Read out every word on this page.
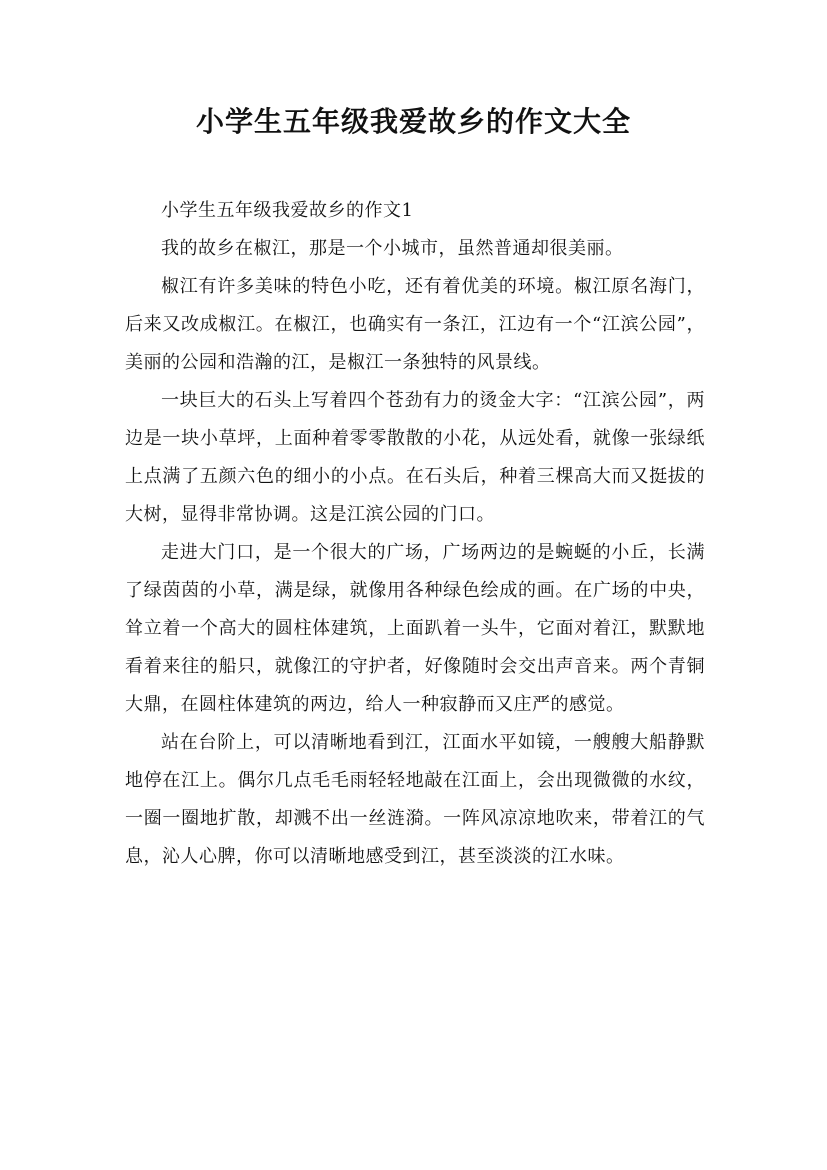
小学生五年级我爱故乡的作文大全

小学生五年级我爱故乡的作文1

我的故乡在椒江，那是一个小城市，虽然普通却很美丽。

椒江有许多美味的特色小吃，还有着优美的环境。椒江原名海门，后来又改成椒江。在椒江，也确实有一条江，江边有一个“江滨公园”，美丽的公园和浩瀚的江，是椒江一条独特的风景线。

一块巨大的石头上写着四个苍劲有力的烫金大字：“江滨公园”，两边是一块小草坪，上面种着零零散散的小花，从远处看，就像一张绿纸上点满了五颜六色的细小的小点。在石头后，种着三棵高大而又挺拔的大树，显得非常协调。这是江滨公园的门口。

走进大门口，是一个很大的广场，广场两边的是蜿蜒的小丘，长满了绿茵茵的小草，满是绿，就像用各种绿色绘成的画。在广场的中央，耸立着一个高大的圆柱体建筑，上面趴着一头牛，它面对着江，默默地看着来往的船只，就像江的守护者，好像随时会交出声音来。两个青铜大鼎，在圆柱体建筑的两边，给人一种寂静而又庄严的感觉。

站在台阶上，可以清晰地看到江，江面水平如镜，一艘艘大船静默地停在江上。偶尔几点毛毛雨轻轻地敲在江面上，会出现微微的水纹，一圈一圈地扩散，却溅不出一丝涟漪。一阵风凉凉地吹来，带着江的气息，沁人心脾，你可以清晰地感受到江，甚至淡淡的江水味。
